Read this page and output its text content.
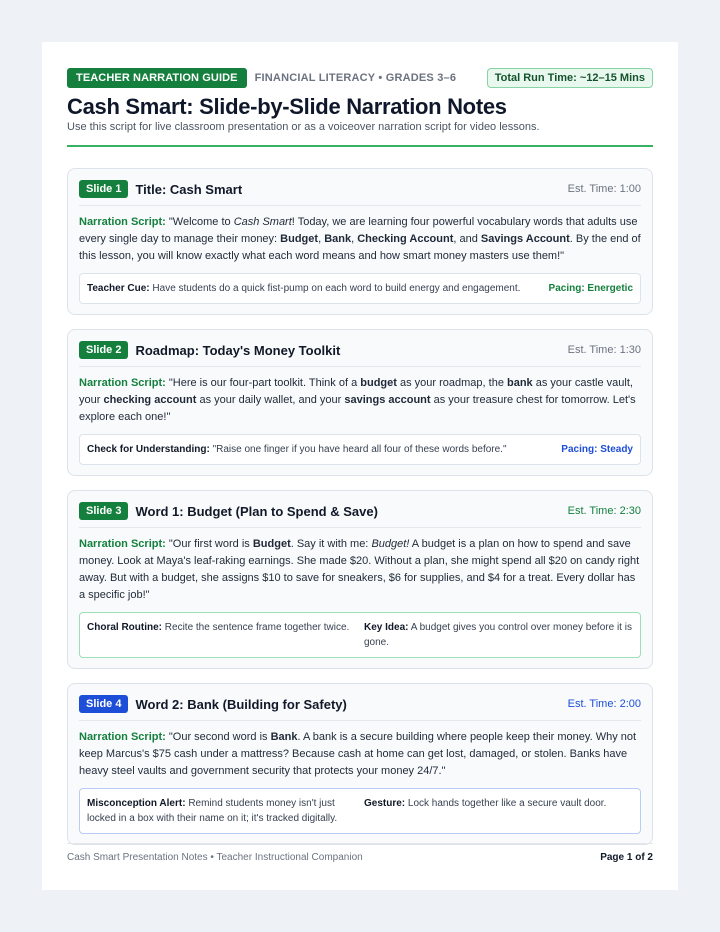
TEACHER NARRATION GUIDE	FINANCIAL LITERACY • GRADES 3–6	Total Run Time: ~12–15 Mins
Cash Smart: Slide-by-Slide Narration Notes
Use this script for live classroom presentation or as a voiceover narration script for video lessons.
Slide 1	Title: Cash Smart	Est. Time: 1:00

Narration Script: "Welcome to Cash Smart! Today, we are learning four powerful vocabulary words that adults use every single day to manage their money: Budget, Bank, Checking Account, and Savings Account. By the end of this lesson, you will know exactly what each word means and how smart money masters use them!"

Teacher Cue: Have students do a quick fist-pump on each word to build energy and engagement.	Pacing: Energetic
Slide 2	Roadmap: Today's Money Toolkit	Est. Time: 1:30

Narration Script: "Here is our four-part toolkit. Think of a budget as your roadmap, the bank as your castle vault, your checking account as your daily wallet, and your savings account as your treasure chest for tomorrow. Let's explore each one!"

Check for Understanding: "Raise one finger if you have heard all four of these words before."	Pacing: Steady
Slide 3	Word 1: Budget (Plan to Spend & Save)	Est. Time: 2:30

Narration Script: "Our first word is Budget. Say it with me: Budget! A budget is a plan on how to spend and save money. Look at Maya's leaf-raking earnings. She made $20. Without a plan, she might spend all $20 on candy right away. But with a budget, she assigns $10 to save for sneakers, $6 for supplies, and $4 for a treat. Every dollar has a specific job!"

Choral Routine: Recite the sentence frame together twice.	Key Idea: A budget gives you control over money before it is gone.
Slide 4	Word 2: Bank (Building for Safety)	Est. Time: 2:00

Narration Script: "Our second word is Bank. A bank is a secure building where people keep their money. Why not keep Marcus's $75 cash under a mattress? Because cash at home can get lost, damaged, or stolen. Banks have heavy steel vaults and government security that protects your money 24/7."

Misconception Alert: Remind students money isn't just locked in a box with their name on it; it's tracked digitally.
Gesture: Lock hands together like a secure vault door.
Cash Smart Presentation Notes • Teacher Instructional Companion	Page 1 of 2
